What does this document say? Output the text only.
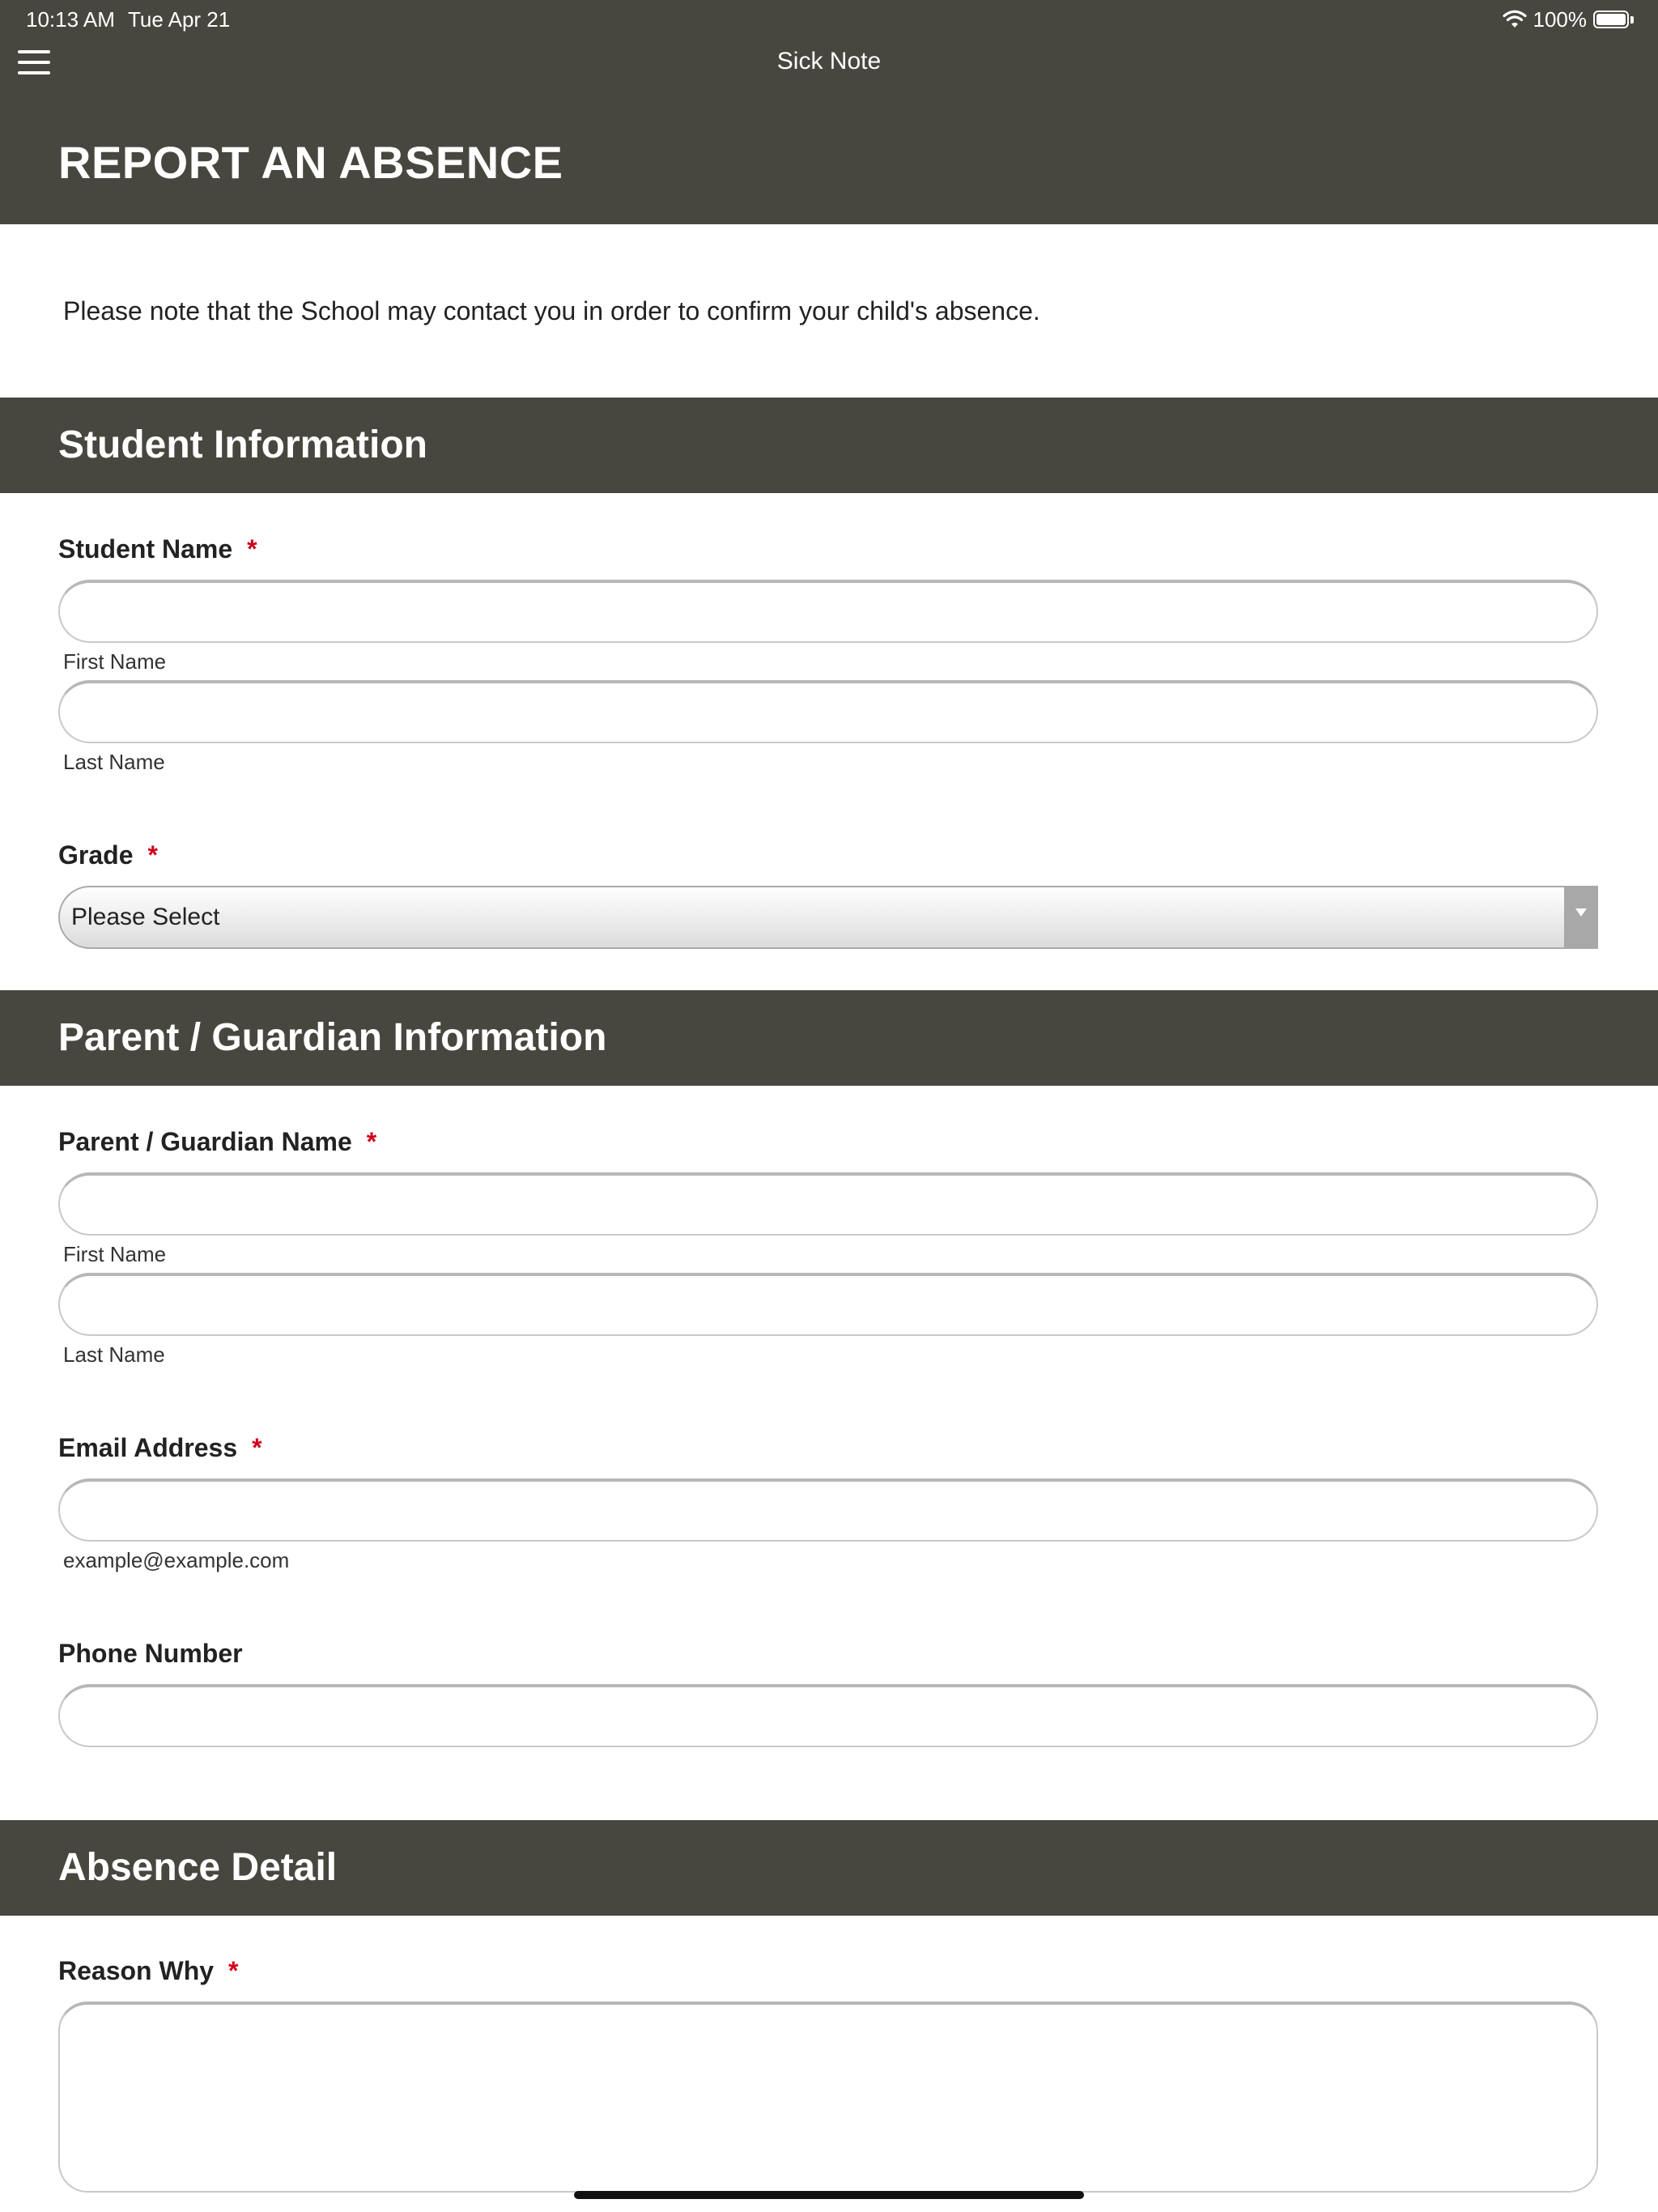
10:13 AM Tue Apr 21	100%
Sick Note
REPORT AN ABSENCE
Please note that the School may contact you in order to confirm your child's absence.
Student Information
Student Name *
First Name
Last Name
Grade *
Please Select
Parent / Guardian Information
Parent / Guardian Name *
First Name
Last Name
Email Address *
example@example.com
Phone Number
Absence Detail
Reason Why *
